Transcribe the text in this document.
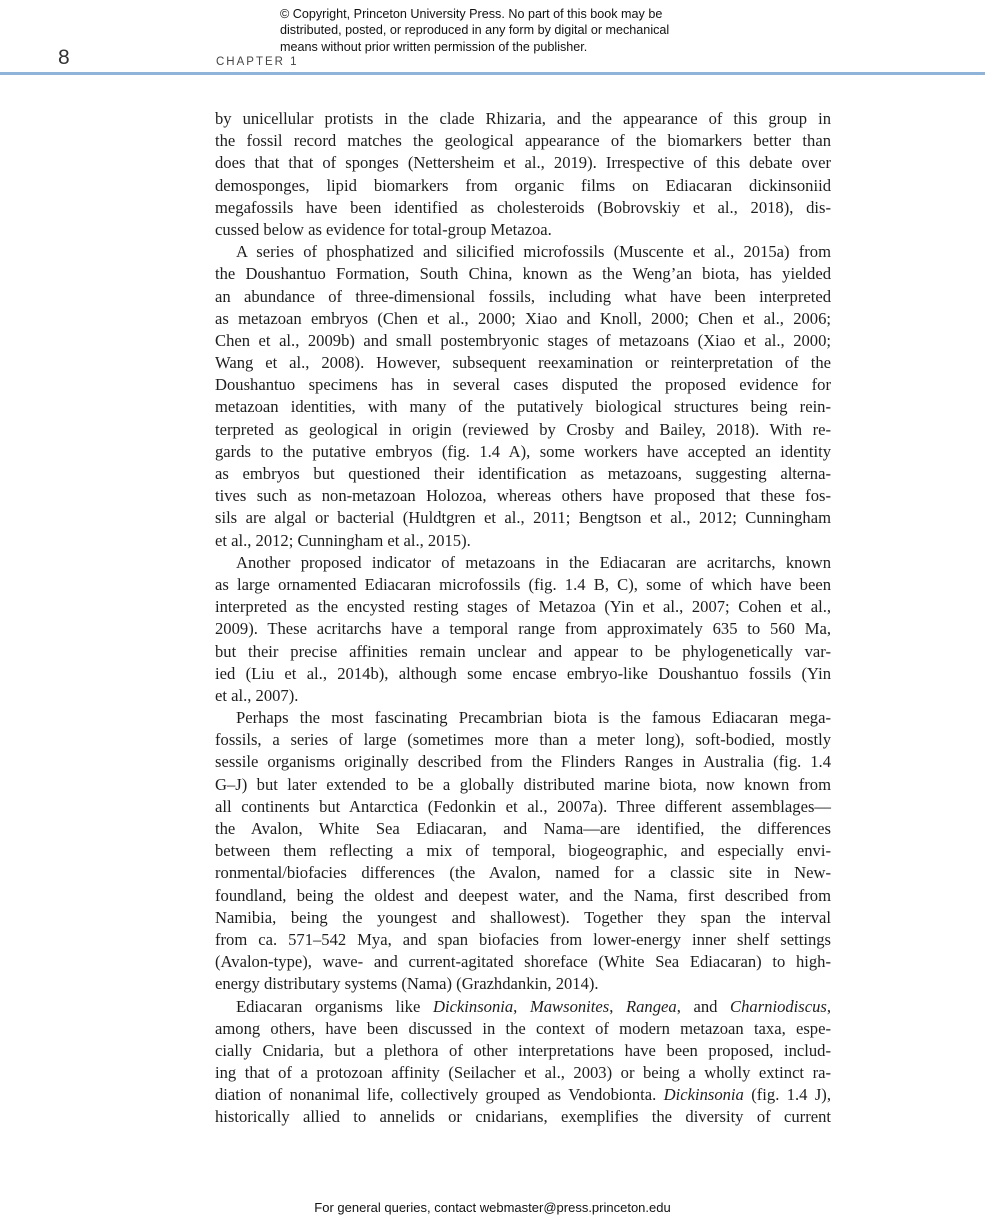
© Copyright, Princeton University Press. No part of this book may be
distributed, posted, or reproduced in any form by digital or mechanical
means without prior written permission of the publisher.
8	CHAPTER 1
by unicellular protists in the clade Rhizaria, and the appearance of this group in
the fossil record matches the geological appearance of the biomarkers better than
does that that of sponges (Nettersheim et al., 2019). Irrespective of this debate over
demosponges, lipid biomarkers from organic films on Ediacaran dickinsoniid
megafossils have been identified as cholesteroids (Bobrovskiy et al., 2018), dis-
cussed below as evidence for total-group Metazoa.
A series of phosphatized and silicified microfossils (Muscente et al., 2015a) from
the Doushantuo Formation, South China, known as the Weng’an biota, has yielded
an abundance of three-dimensional fossils, including what have been interpreted
as metazoan embryos (Chen et al., 2000; Xiao and Knoll, 2000; Chen et al., 2006;
Chen et al., 2009b) and small postembryonic stages of metazoans (Xiao et al., 2000;
Wang et al., 2008). However, subsequent reexamination or reinterpretation of the
Doushantuo specimens has in several cases disputed the proposed evidence for
metazoan identities, with many of the putatively biological structures being rein-
terpreted as geological in origin (reviewed by Crosby and Bailey, 2018). With re-
gards to the putative embryos (fig. 1.4 A), some workers have accepted an identity
as embryos but questioned their identification as metazoans, suggesting alterna-
tives such as non-metazoan Holozoa, whereas others have proposed that these fos-
sils are algal or bacterial (Huldtgren et al., 2011; Bengtson et al., 2012; Cunningham
et al., 2012; Cunningham et al., 2015).
Another proposed indicator of metazoans in the Ediacaran are acritarchs, known
as large ornamented Ediacaran microfossils (fig. 1.4 B, C), some of which have been
interpreted as the encysted resting stages of Metazoa (Yin et al., 2007; Cohen et al.,
2009). These acritarchs have a temporal range from approximately 635 to 560 Ma,
but their precise affinities remain unclear and appear to be phylogenetically var-
ied (Liu et al., 2014b), although some encase embryo-like Doushantuo fossils (Yin
et al., 2007).
Perhaps the most fascinating Precambrian biota is the famous Ediacaran mega-
fossils, a series of large (sometimes more than a meter long), soft-bodied, mostly
sessile organisms originally described from the Flinders Ranges in Australia (fig. 1.4
G–J) but later extended to be a globally distributed marine biota, now known from
all continents but Antarctica (Fedonkin et al., 2007a). Three different assemblages—
the Avalon, White Sea Ediacaran, and Nama—are identified, the differences
between them reflecting a mix of temporal, biogeographic, and especially envi-
ronmental/biofacies differences (the Avalon, named for a classic site in New-
foundland, being the oldest and deepest water, and the Nama, first described from
Namibia, being the youngest and shallowest). Together they span the interval
from ca. 571–542 Mya, and span biofacies from lower-energy inner shelf settings
(Avalon-type), wave- and current-agitated shoreface (White Sea Ediacaran) to high-
energy distributary systems (Nama) (Grazhdankin, 2014).
Ediacaran organisms like Dickinsonia, Mawsonites, Rangea, and Charniodiscus,
among others, have been discussed in the context of modern metazoan taxa, espe-
cially Cnidaria, but a plethora of other interpretations have been proposed, includ-
ing that of a protozoan affinity (Seilacher et al., 2003) or being a wholly extinct ra-
diation of nonanimal life, collectively grouped as Vendobionta. Dickinsonia (fig. 1.4 J),
historically allied to annelids or cnidarians, exemplifies the diversity of current
For general queries, contact webmaster@press.princeton.edu
